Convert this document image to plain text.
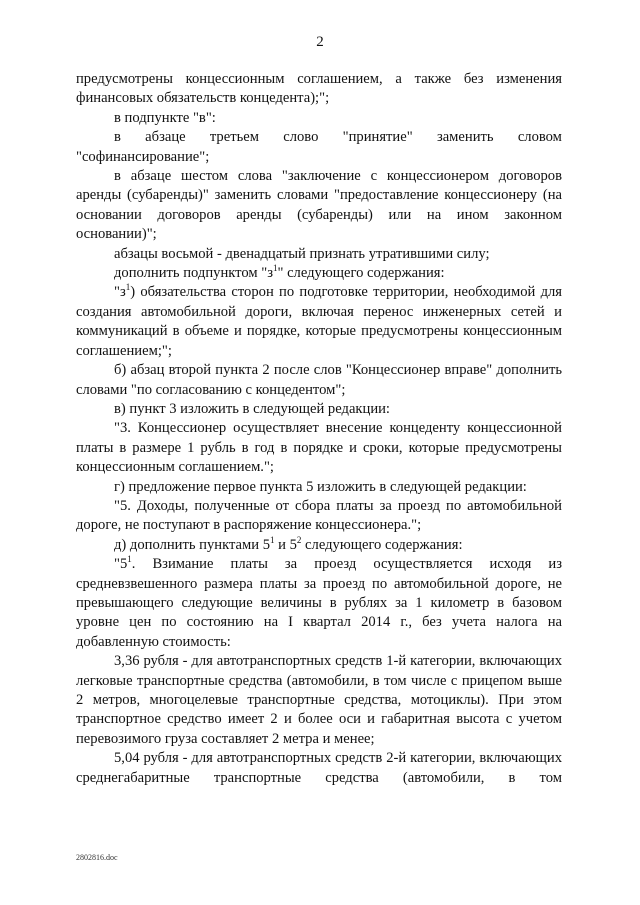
2

предусмотрены концессионным соглашением, а также без изменения финансовых обязательств концедента);";

в подпункте "в":

в абзаце третьем слово "принятие" заменить словом

"софинансирование";

в абзаце шестом слова "заключение с концессионером договоров аренды (субаренды)" заменить словами "предоставление концессионеру (на основании договоров аренды (субаренды) или на ином законном основании)";

абзацы восьмой - двенадцатый признать утратившими силу;

дополнить подпунктом "$з^1$" следующего содержания:

"$з^1$) обязательства сторон по подготовке территории, необходимой для создания автомобильной дороги, включая перенос инженерных сетей и коммуникаций в объеме и порядке, которые предусмотрены концессионным соглашением;";

б) абзац второй пункта 2 после слов "Концессионер вправе" дополнить словами "по согласованию с концедентом";

в) пункт 3 изложить в следующей редакции:

"3. Концессионер осуществляет внесение концеденту концессионной платы в размере 1 рубль в год в порядке и сроки, которые предусмотрены концессионным соглашением.";

г) предложение первое пункта 5 изложить в следующей редакции:

"5. Доходы, полученные от сбора платы за проезд по автомобильной дороге, не поступают в распоряжение концессионера.";

д) дополнить пунктами $5^1$ и $5^2$ следующего содержания:

"$5^1$. Взимание платы за проезд осуществляется исходя из средневзвешенного размера платы за проезд по автомобильной дороге, не превышающего следующие величины в рублях за 1 километр в базовом уровне цен по состоянию на I квартал 2014 г., без учета налога на добавленную стоимость:

3,36 рубля - для автотранспортных средств 1-й категории, включающих легковые транспортные средства (автомобили, в том числе с прицепом выше 2 метров, многоцелевые транспортные средства, мотоциклы). При этом транспортное средство имеет 2 и более оси и габаритная высота с учетом перевозимого груза составляет 2 метра и менее;

5,04 рубля - для автотранспортных средств 2-й категории, включающих среднегабаритные транспортные средства (автомобили, в том

2802816.doc
